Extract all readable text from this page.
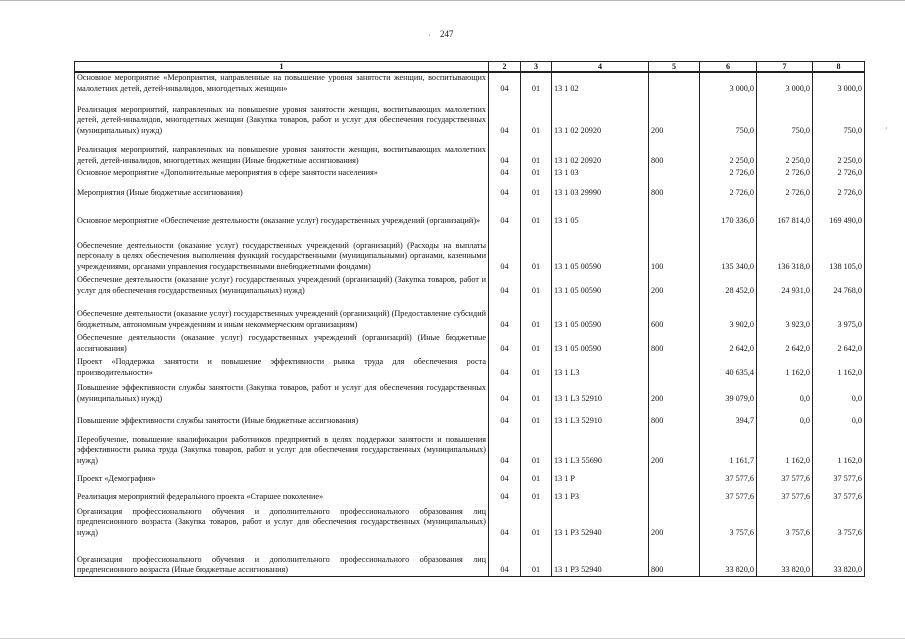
247
·
·
1	2	3	4	5	6	7	8
Основное мероприятие «Мероприятия, направленные на повышение уровня занятости женщин, воспитывающих малолетних детей, детей-инвалидов, многодетных женщин»	04	01	13 1 02		3 000,0	3 000,0	3 000,0
Реализация мероприятий, направленных на повышение уровня занятости женщин, воспитывающих малолетних детей, детей-инвалидов, многодетных женщин (Закупка товаров, работ и услуг для обеспечения государственных (муниципальных) нужд)	04	01	13 1 02 20920	200	750,0	750,0	750,0
Реализация мероприятий, направленных на повышение уровня занятости женщин, воспитывающих малолетних детей, детей-инвалидов, многодетных женщин (Иные бюджетные ассигнования)	04	01	13 1 02 20920	800	2 250,0	2 250,0	2 250,0
Основное мероприятие «Дополнительные мероприятия в сфере занятости населения»	04	01	13 1 03		2 726,0	2 726,0	2 726,0
Мероприятия (Иные бюджетные ассигнования)	04	01	13 1 03 29990	800	2 726,0	2 726,0	2 726,0
Основное мероприятие «Обеспечение деятельности (оказание услуг) государственных учреждений (организаций)»	04	01	13 1 05		170 336,0	167 814,0	169 490,0
Обеспечение деятельности (оказание услуг) государственных учреждений (организаций) (Расходы на выплаты персоналу в целях обеспечения выполнения функций государственными (муниципальными) органами, казенными учреждениями, органами управления государственными внебюджетными фондами)	04	01	13 1 05 00590	100	135 340,0	136 318,0	138 105,0
Обеспечение деятельности (оказание услуг) государственных учреждений (организаций) (Закупка товаров, работ и услуг для обеспечения государственных (муниципальных) нужд)	04	01	13 1 05 00590	200	28 452,0	24 931,0	24 768,0
Обеспечение деятельности (оказание услуг) государственных учреждений (организаций) (Предоставление субсидий бюджетным, автономным учреждениям и иным некоммерческим организациям)	04	01	13 1 05 00590	600	3 902,0	3 923,0	3 975,0
Обеспечение деятельности (оказание услуг) государственных учреждений (организаций) (Иные бюджетные ассигнования)	04	01	13 1 05 00590	800	2 642,0	2 642,0	2 642,0
Проект «Поддержка занятости и повышение эффективности рынка труда для обеспечения роста производительности»	04	01	13 1 L3		40 635,4	1 162,0	1 162,0
Повышение эффективности службы занятости (Закупка товаров, работ и услуг для обеспечения государственных (муниципальных) нужд)	04	01	13 1 L3 52910	200	39 079,0	0,0	0,0
Повышение эффективности службы занятости (Иные бюджетные ассигнования)	04	01	13 1 L3 52910	800	394,7	0,0	0,0
Переобучение, повышение квалификации работников предприятий в целях поддержки занятости и повышения эффективности рынка труда (Закупка товаров, работ и услуг для обеспечения государственных (муниципальных) нужд)	04	01	13 1 L3 55690	200	1 161,7	1 162,0	1 162,0
Проект «Демография»	04	01	13 1 P		37 577,6	37 577,6	37 577,6
Реализация мероприятий федерального проекта «Старшее поколение»	04	01	13 1 P3		37 577,6	37 577,6	37 577,6
Организация профессионального обучения и дополнительного профессионального образования лиц предпенсионного возраста (Закупка товаров, работ и услуг для обеспечения государственных (муниципальных) нужд)	04	01	13 1 P3 52940	200	3 757,6	3 757,6	3 757,6
Организация профессионального обучения и дополнительного профессионального образования лиц предпенсионного возраста (Иные бюджетные ассигнования)	04	01	13 1 P3 52940	800	33 820,0	33 820,0	33 820,0
